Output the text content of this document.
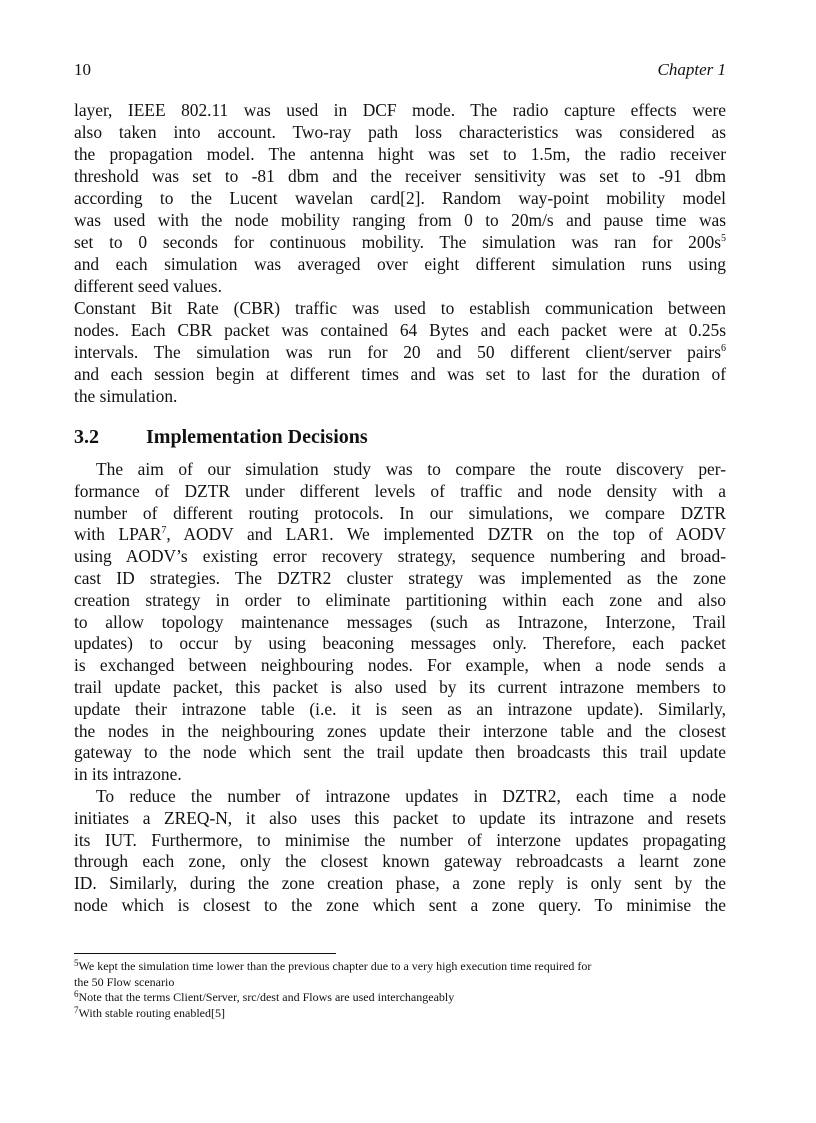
10	Chapter 1
layer, IEEE 802.11 was used in DCF mode. The radio capture effects were
also taken into account. Two-ray path loss characteristics was considered as
the propagation model. The antenna hight was set to 1.5m, the radio receiver
threshold was set to -81 dbm and the receiver sensitivity was set to -91 dbm
according to the Lucent wavelan card[2]. Random way-point mobility model
was used with the node mobility ranging from 0 to 20m/s and pause time was
set to 0 seconds for continuous mobility. The simulation was ran for $200s^5$
and each simulation was averaged over eight different simulation runs using
different seed values.
Constant Bit Rate (CBR) traffic was used to establish communication between
nodes. Each CBR packet was contained 64 Bytes and each packet were at 0.25s
intervals. The simulation was run for 20 and 50 different client/server pairs$^6$
and each session begin at different times and was set to last for the duration of
the simulation.
3.2 Implementation Decisions
The aim of our simulation study was to compare the route discovery per-
formance of DZTR under different levels of traffic and node density with a
number of different routing protocols. In our simulations, we compare DZTR
with LPAR$^7$, AODV and LAR1. We implemented DZTR on the top of AODV
using AODV’s existing error recovery strategy, sequence numbering and broad-
cast ID strategies. The DZTR2 cluster strategy was implemented as the zone
creation strategy in order to eliminate partitioning within each zone and also
to allow topology maintenance messages (such as Intrazone, Interzone, Trail
updates) to occur by using beaconing messages only. Therefore, each packet
is exchanged between neighbouring nodes. For example, when a node sends a
trail update packet, this packet is also used by its current intrazone members to
update their intrazone table (i.e. it is seen as an intrazone update). Similarly,
the nodes in the neighbouring zones update their interzone table and the closest
gateway to the node which sent the trail update then broadcasts this trail update
in its intrazone.
To reduce the number of intrazone updates in DZTR2, each time a node
initiates a ZREQ-N, it also uses this packet to update its intrazone and resets
its IUT. Furthermore, to minimise the number of interzone updates propagating
through each zone, only the closest known gateway rebroadcasts a learnt zone
ID. Similarly, during the zone creation phase, a zone reply is only sent by the
node which is closest to the zone which sent a zone query. To minimise the
$^5$We kept the simulation time lower than the previous chapter due to a very high execution time required for
the 50 Flow scenario
$^6$Note that the terms Client/Server, src/dest and Flows are used interchangeably
$^7$With stable routing enabled[5]
